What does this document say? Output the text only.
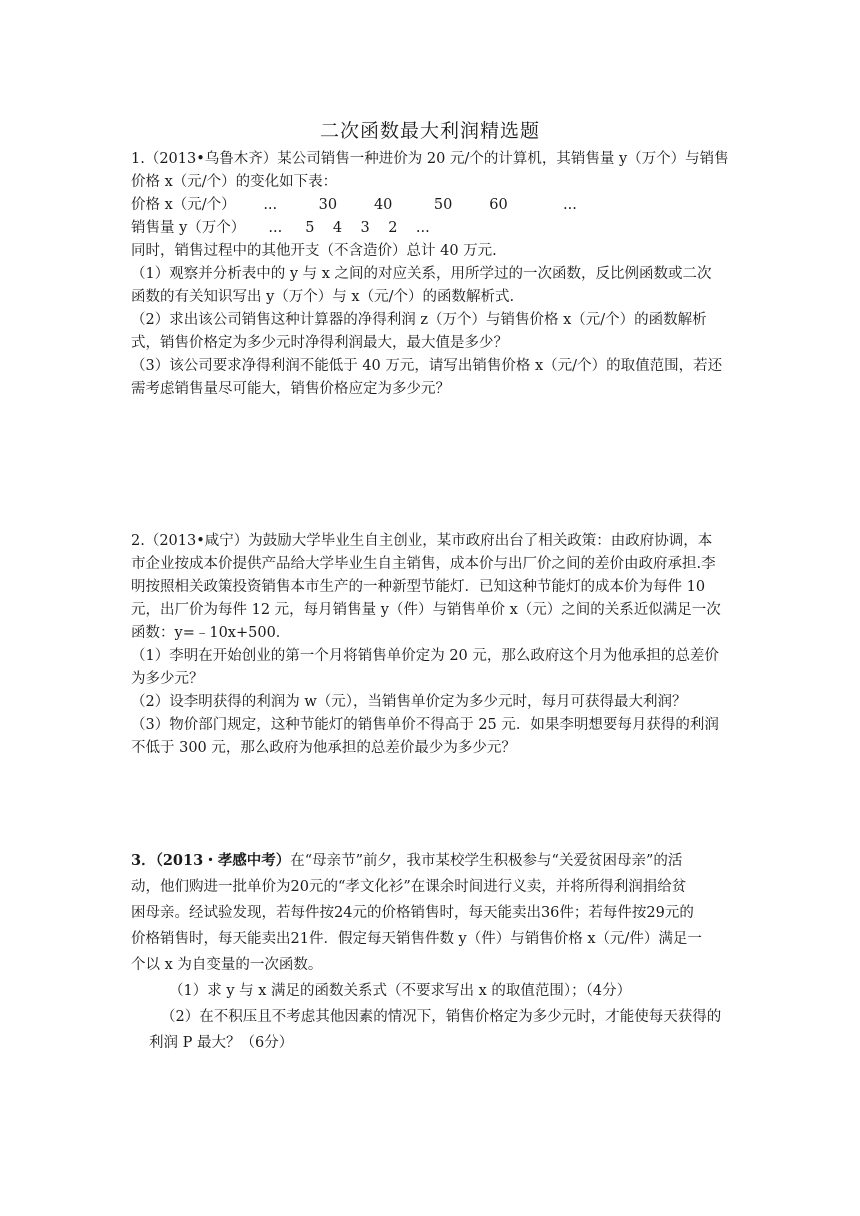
二次函数最大利润精选题
1.（2013•乌鲁木齐）某公司销售一种进价为 20 元/个的计算机，其销售量 y（万个）与销售
价格 x（元/个）的变化如下表：
价格 x（元/个）      ...         30        40         50        60            ...
销售量 y（万个）     ...     5    4    3    2    ...
同时，销售过程中的其他开支（不含造价）总计 40 万元.
（1）观察并分析表中的 y 与 x 之间的对应关系，用所学过的一次函数，反比例函数或二次
函数的有关知识写出 y（万个）与 x（元/个）的函数解析式.
（2）求出该公司销售这种计算器的净得利润 z（万个）与销售价格 x（元/个）的函数解析
式，销售价格定为多少元时净得利润最大，最大值是多少？
（3）该公司要求净得利润不能低于 40 万元，请写出销售价格 x（元/个）的取值范围，若还
需考虑销售量尽可能大，销售价格应定为多少元？
2.（2013•咸宁）为鼓励大学毕业生自主创业，某市政府出台了相关政策：由政府协调，本
市企业按成本价提供产品给大学毕业生自主销售，成本价与出厂价之间的差价由政府承担.李
明按照相关政策投资销售本市生产的一种新型节能灯．已知这种节能灯的成本价为每件 10
元，出厂价为每件 12 元，每月销售量 y（件）与销售单价 x（元）之间的关系近似满足一次
函数：y=﹣10x+500．
（1）李明在开始创业的第一个月将销售单价定为 20 元，那么政府这个月为他承担的总差价
为多少元？
（2）设李明获得的利润为 w（元），当销售单价定为多少元时，每月可获得最大利润？
（3）物价部门规定，这种节能灯的销售单价不得高于 25 元．如果李明想要每月获得的利润
不低于 300 元，那么政府为他承担的总差价最少为多少元？
3．（2013・孝感中考）在“母亲节”前夕，我市某校学生积极参与“关爱贫困母亲”的活
动，他们购进一批单价为20元的“孝文化衫”在课余时间进行义卖，并将所得利润捐给贫
困母亲。经试验发现，若每件按24元的价格销售时，每天能卖出36件；若每件按29元的
价格销售时，每天能卖出21件．假定每天销售件数 y（件）与销售价格 x（元/件）满足一
个以 x 为自变量的一次函数。
（1）求 y 与 x 满足的函数关系式（不要求写出 x 的取值范围）；（4分）
（2）在不积压且不考虑其他因素的情况下，销售价格定为多少元时，才能使每天获得的
利润 P 最大？（6分）
